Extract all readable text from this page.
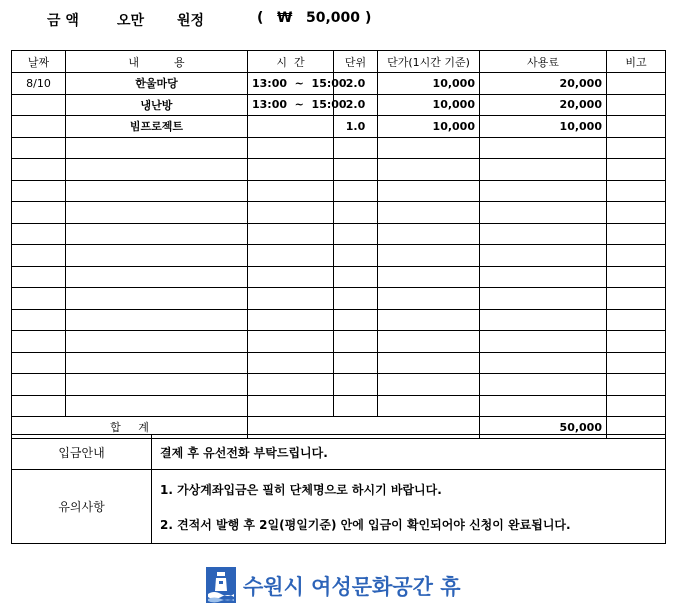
금 액	오만 원정	( ₩ 50,000 )
날짜	내          용	시  간	단위	단가(1시간 기준)	사용료	비고
8/10	한울마당	13:00  ~  15:00	2.0	10,000	20,000	
	냉난방	13:00  ~  15:00	2.0	10,000	20,000	
	빔프로젝트		1.0	10,000	10,000	

합     계					50,000	
입금안내	결제 후 유선전화 부탁드립니다.
유의사항	1. 가상계좌입금은 필히 단체명으로 하시기 바랍니다.
2. 견적서 발행 후 2일(평일기준) 안에 입금이 확인되어야 신청이 완료됩니다.
수원시 여성문화공간 휴
